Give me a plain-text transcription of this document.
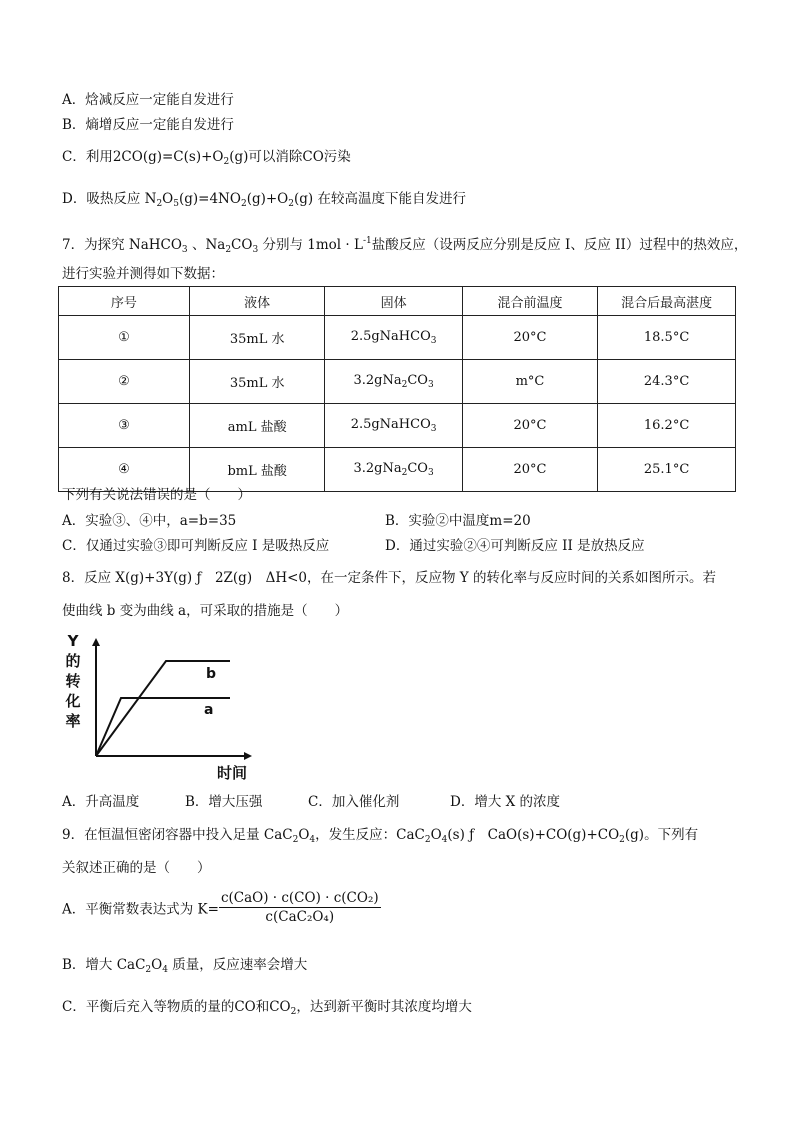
A．焓减反应一定能自发进行
B．熵增反应一定能自发进行
C．利用$2CO(g)=C(s)+O_2(g)$可以消除CO污染
D．吸热反应 $N_2O_5(g)=4NO_2(g)+O_2(g)$ 在较高温度下能自发进行
7．为探究 NaHCO$_3$ 、$Na_2CO_3$ 分别与 $1mol \cdot L^{-1}$盐酸反应（设两反应分别是反应 I、反应 II）过程中的热效应，
进行实验并测得如下数据：
序号	液体	固体	混合前温度	混合后最高湛度
①	35mL 水	2.5gNaHCO$_3$	20°C	18.5°C
②	35mL 水	$3.2gNa_2CO_3$	m°C	24.3°C
③	amL 盐酸	2.5gNaHCO$_3$	20°C	16.2°C
④	bmL 盐酸	$3.2gNa_2CO_3$	20°C	25.1°C
下列有关说法错误的是（　　）
A．实验③、④中，a=b=35	B．实验②中温度m=20
C．仅通过实验③即可判断反应 I 是吸热反应	D．通过实验②④可判断反应 II 是放热反应
8．反应 X(g)+3Y(g) ƒ　2Z(g)　ΔH<0，在一定条件下，反应物 Y 的转化率与反应时间的关系如图所示。若
使曲线 b 变为曲线 a，可采取的措施是（　　）
Y
的
转
化
率
时间
b
a
A．升高温度	B．增大压强	C．加入催化剂	D．增大 X 的浓度
9．在恒温恒密闭容器中投入足量 $CaC_2O_4$，发生反应：$CaC_2O_4(s)$ ƒ　$CaO(s)+CO(g)+CO_2(g)$。下列有
关叙述正确的是（　　）
A．平衡常数表达式为 $K= \frac{\text{c(CaO) · c(CO) · c(CO₂)}}{\text{c(CaC₂O₄)}}$
B．增大 $CaC_2O_4$ 质量，反应速率会增大
C．平衡后充入等物质的量的CO和$CO_2$，达到新平衡时其浓度均增大
